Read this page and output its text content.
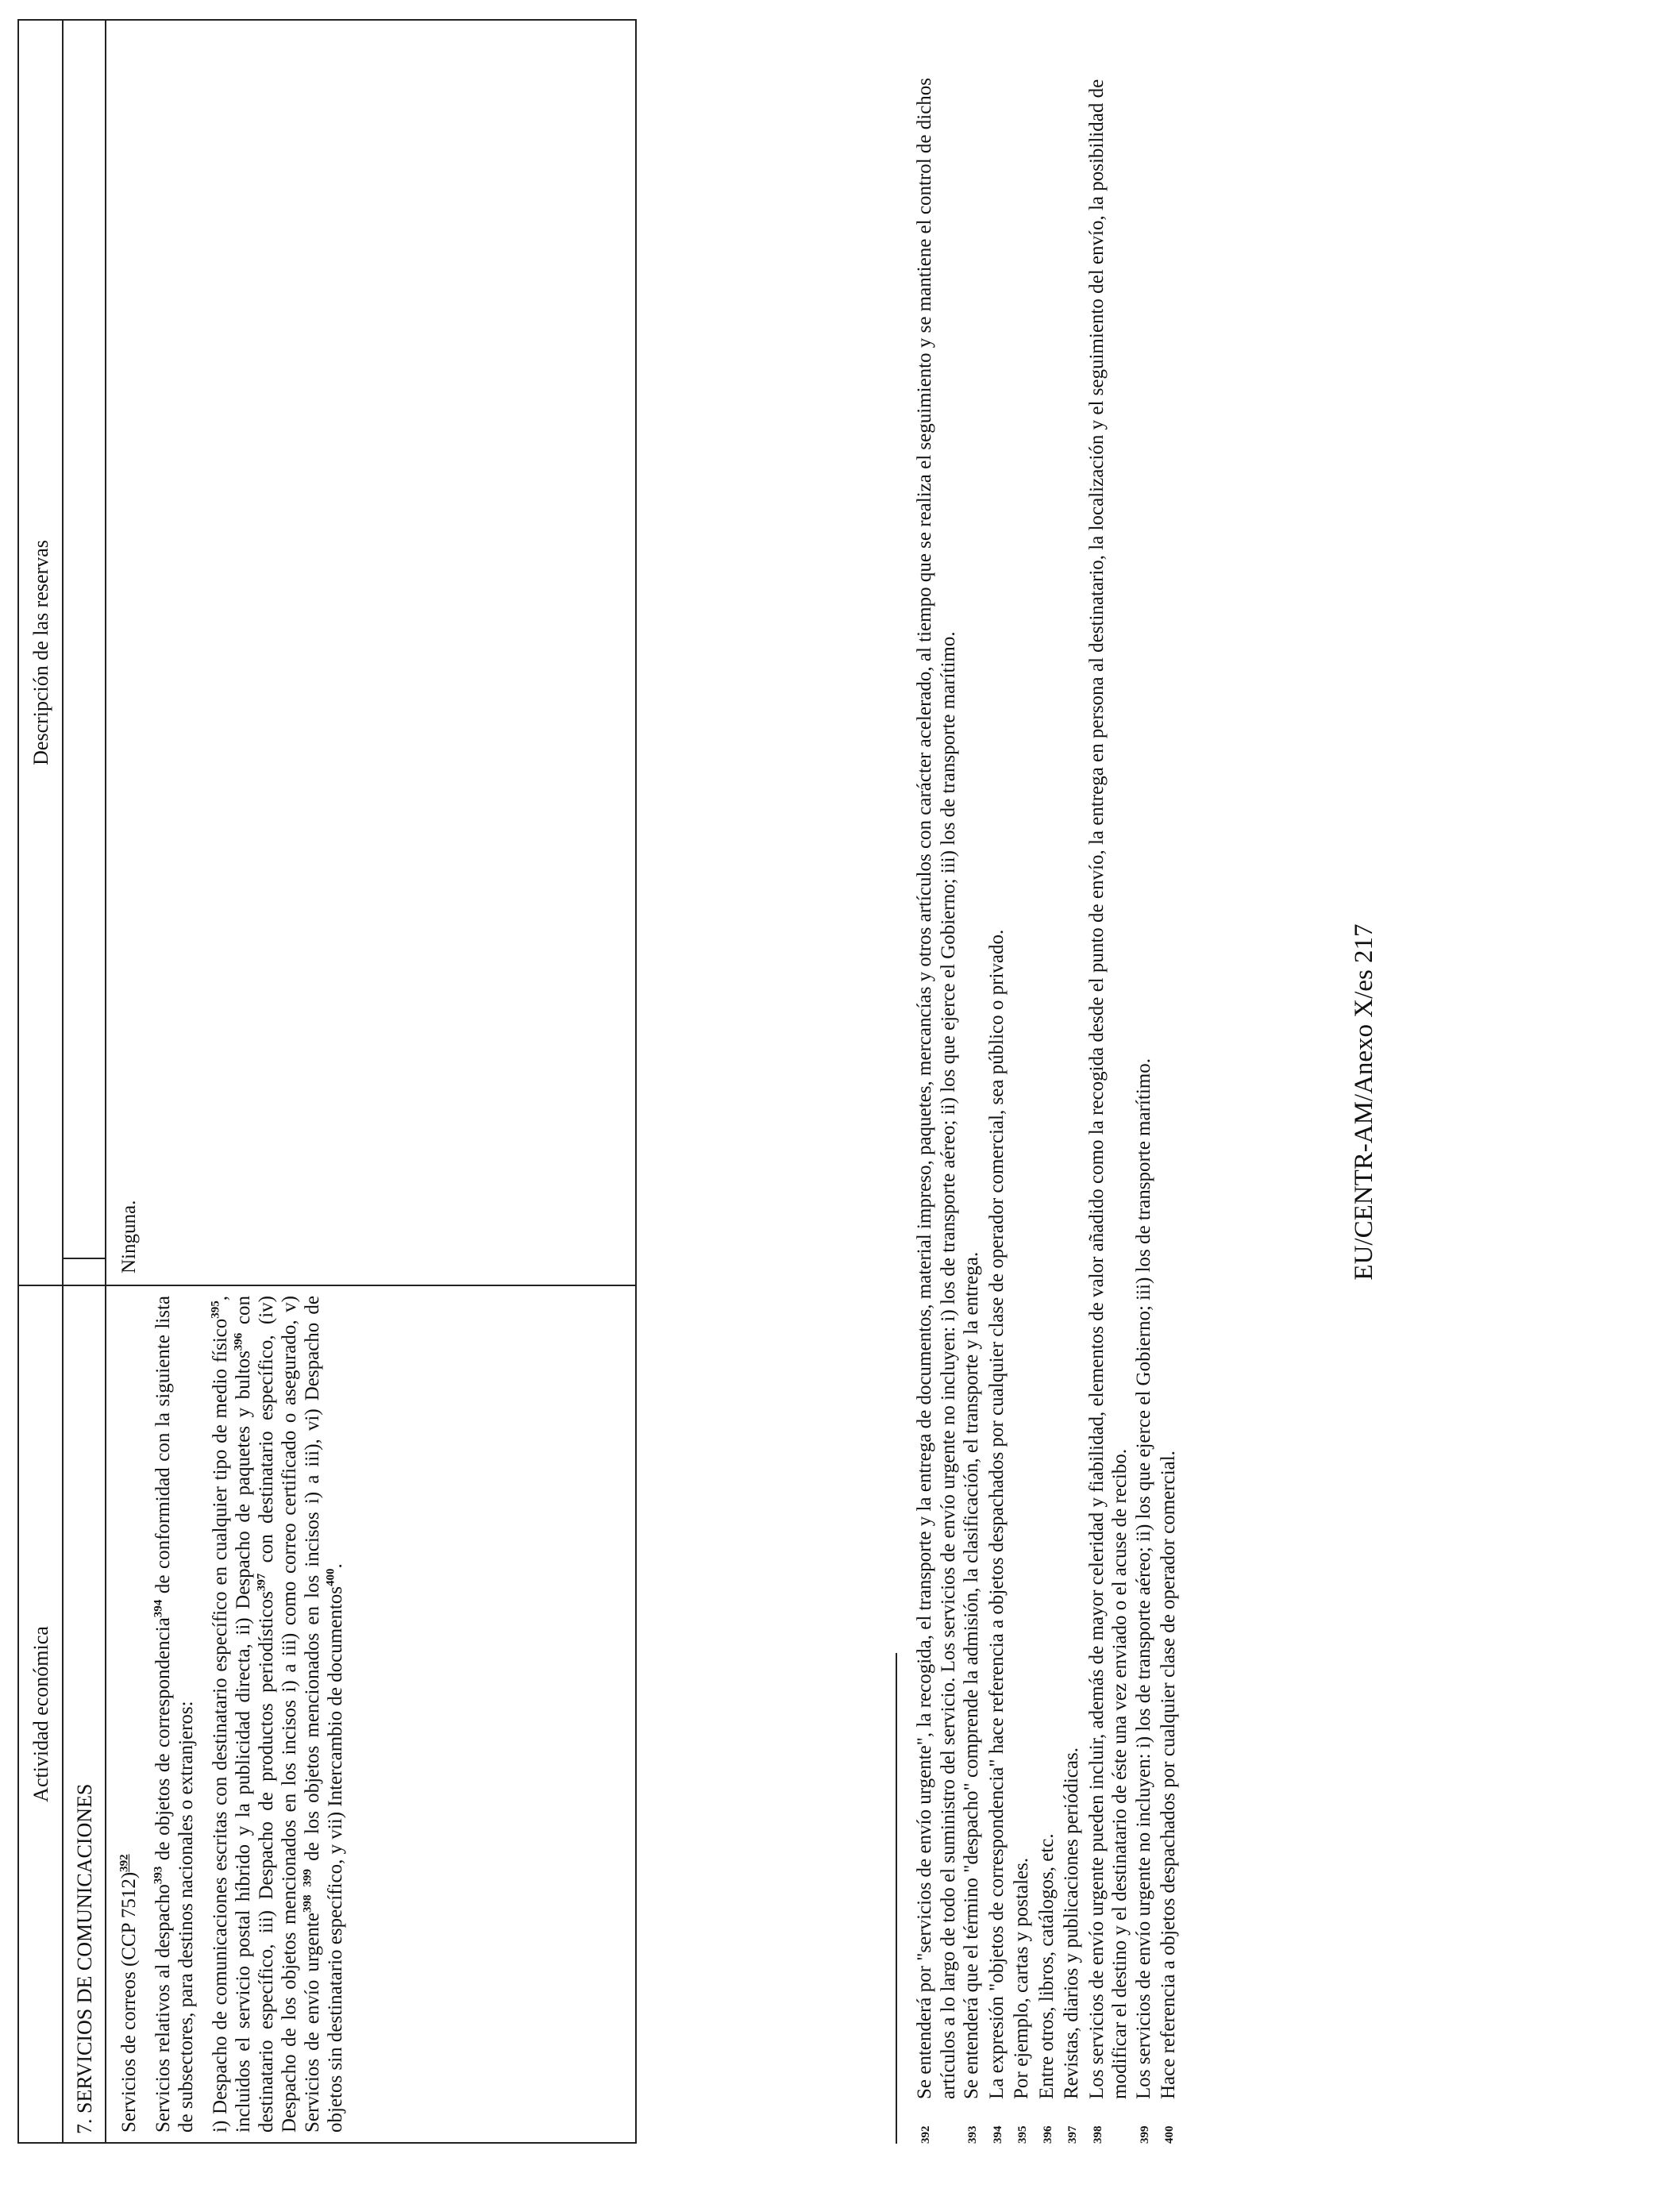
Actividad económica
Descripción de las reservas
7. SERVICIOS DE COMUNICACIONES	Servicios de correos (CCP 7512)$^{392}$

Servicios relativos al despacho$^{393}$ de objetos de correspondencia$^{394}$ de conformidad con la siguiente lista de subsectores, para destinos nacionales o extranjeros: i) Despacho de comunicaciones escritas con destinatario específico en cualquier tipo de medio físico$^{395}$, incluidos el servicio postal híbrido y la publicidad directa, ii) Despacho de paquetes y bultos$^{396}$ con destinatario específico, iii) Despacho de productos periodísticos$^{397}$ con destinatario específico, (iv) Despacho de los objetos mencionados en los incisos i) a iii) como correo certificado o asegurado, v) Servicios de envío urgente$^{398}$ $^{399}$ de los objetos mencionados en los incisos i) a iii), vi) Despacho de objetos sin destinatario específico, y vii) Intercambio de documentos$^{400}$.

Ninguna.

392
Se entenderá por "servicios de envío urgente", la recogida, el transporte y la entrega de documentos, material impreso, paquetes, mercancías y otros artículos con carácter acelerado, al tiempo que se realiza el seguimiento y se mantiene el control de dichos artículos a lo largo de todo el suministro del servicio. Los servicios de envío urgente no incluyen: i) los de transporte aéreo; ii) los que ejerce el Gobierno; iii) los de transporte marítimo.
393
Se entenderá que el término "despacho" comprende la admisión, la clasificación, el transporte y la entrega.
394
La expresión "objetos de correspondencia" hace referencia a objetos despachados por cualquier clase de operador comercial, sea público o privado.
395
Por ejemplo, cartas y postales.
396
Entre otros, libros, catálogos, etc.
397
Revistas, diarios y publicaciones periódicas.
398
Los servicios de envío urgente pueden incluir, además de mayor celeridad y fiabilidad, elementos de valor añadido como la recogida desde el punto de envío, la entrega en persona al destinatario, la localización y el seguimiento del envío, la posibilidad de modificar el destino y el destinatario de éste una vez enviado o el acuse de recibo.
399
Los servicios de envío urgente no incluyen: i) los de transporte aéreo; ii) los que ejerce el Gobierno; iii) los de transporte marítimo.
400
Hace referencia a objetos despachados por cualquier clase de operador comercial.
EU/CENTR-AM/Anexo X/es 217
